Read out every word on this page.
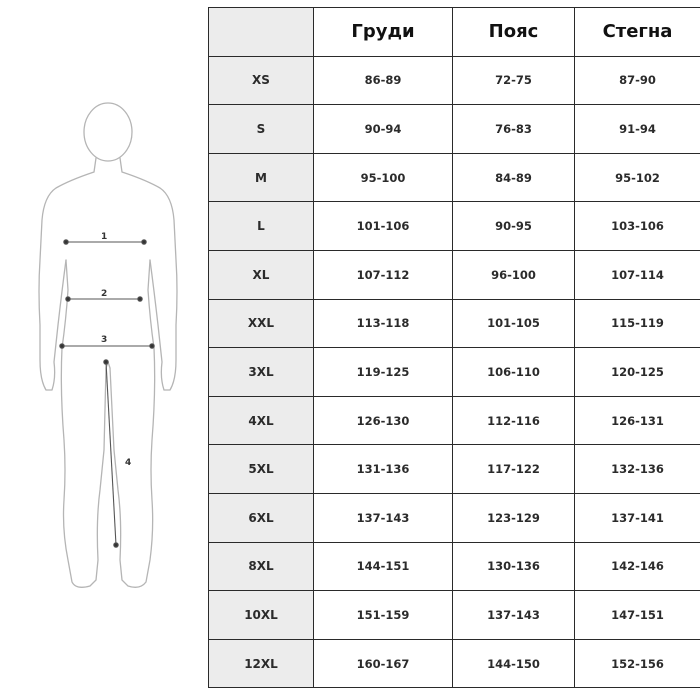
1
2
3
4
	Груди	Пояс	Стегна
XS	86-89	72-75	87-90
S	90-94	76-83	91-94
M	95-100	84-89	95-102
L	101-106	90-95	103-106
XL	107-112	96-100	107-114
XXL	113-118	101-105	115-119
3XL	119-125	106-110	120-125
4XL	126-130	112-116	126-131
5XL	131-136	117-122	132-136
6XL	137-143	123-129	137-141
8XL	144-151	130-136	142-146
10XL	151-159	137-143	147-151
12XL	160-167	144-150	152-156
